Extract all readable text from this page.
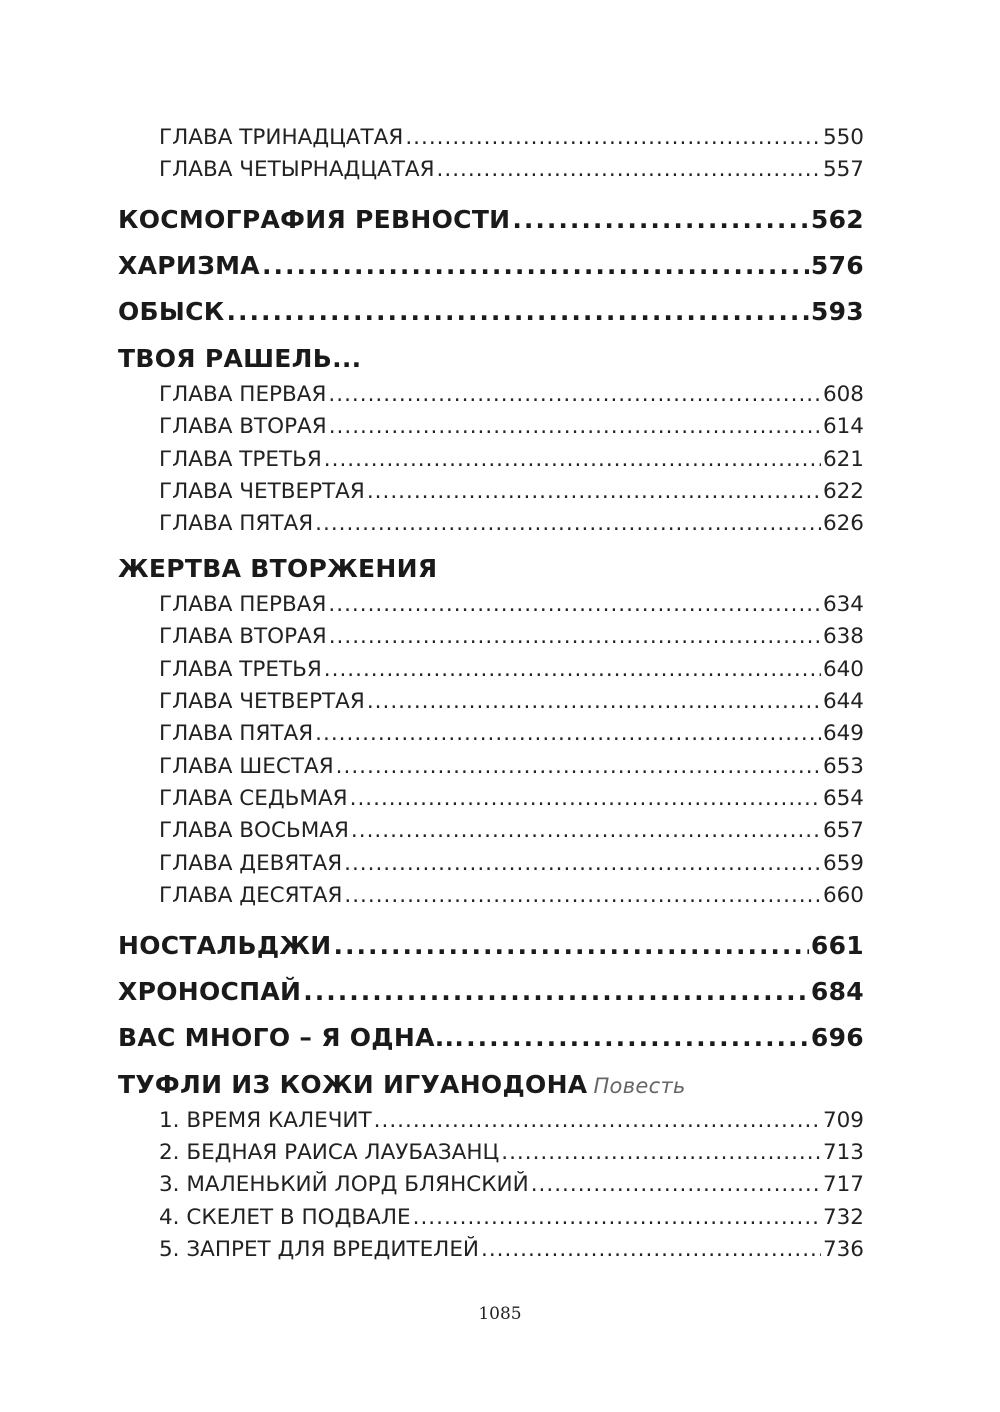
ГЛАВА ТРИНАДЦАТАЯ .....	550
ГЛАВА ЧЕТЫРНАДЦАТАЯ .....	557
КОСМОГРАФИЯ РЕВНОСТИ .....	562
ХАРИЗМА .....	576
ОБЫСК .....	593
ТВОЯ РАШЕЛЬ...
ГЛАВА ПЕРВАЯ .....	608
ГЛАВА ВТОРАЯ .....	614
ГЛАВА ТРЕТЬЯ .....	621
ГЛАВА ЧЕТВЕРТАЯ .....	622
ГЛАВА ПЯТАЯ .....	626
ЖЕРТВА ВТОРЖЕНИЯ
ГЛАВА ПЕРВАЯ .....	634
ГЛАВА ВТОРАЯ .....	638
ГЛАВА ТРЕТЬЯ .....	640
ГЛАВА ЧЕТВЕРТАЯ .....	644
ГЛАВА ПЯТАЯ .....	649
ГЛАВА ШЕСТАЯ .....	653
ГЛАВА СЕДЬМАЯ .....	654
ГЛАВА ВОСЬМАЯ .....	657
ГЛАВА ДЕВЯТАЯ .....	659
ГЛАВА ДЕСЯТАЯ .....	660
НОСТАЛЬДЖИ .....	661
ХРОНОСПАЙ .....	684
ВАС МНОГО – Я ОДНА... .....	696
ТУФЛИ ИЗ КОЖИ ИГУАНОДОНА Повесть
1. ВРЕМЯ КАЛЕЧИТ .....	709
2. БЕДНАЯ РАИСА ЛАУБАЗАНЦ .....	713
3. МАЛЕНЬКИЙ ЛОРД БЛЯНСКИЙ .....	717
4. СКЕЛЕТ В ПОДВАЛЕ .....	732
5. ЗАПРЕТ ДЛЯ ВРЕДИТЕЛЕЙ .....	736
1085
